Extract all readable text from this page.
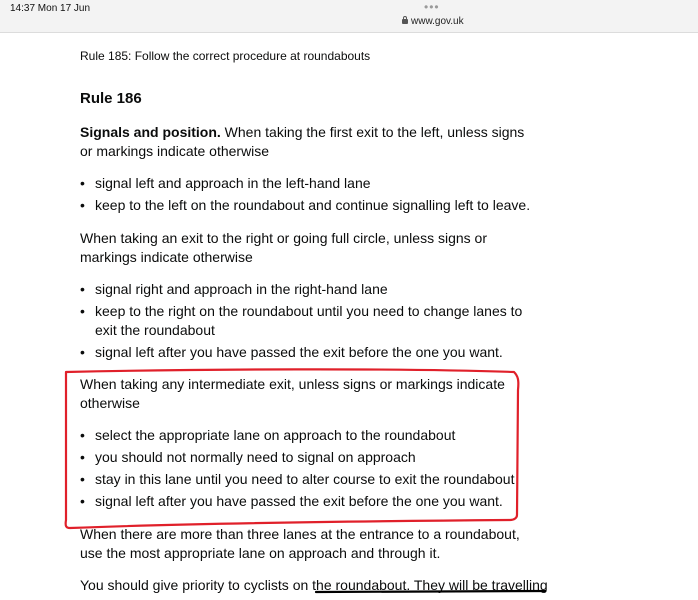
14:37 Mon 17 Jun	•••
www.gov.uk
Rule 185: Follow the correct procedure at roundabouts
Rule 186

Signals and position. When taking the first exit to the left, unless signs or markings indicate otherwise

• signal left and approach in the left-hand lane
• keep to the left on the roundabout and continue signalling left to leave.

When taking an exit to the right or going full circle, unless signs or markings indicate otherwise

• signal right and approach in the right-hand lane
• keep to the right on the roundabout until you need to change lanes to exit the roundabout
• signal left after you have passed the exit before the one you want.

When taking any intermediate exit, unless signs or markings indicate otherwise

• select the appropriate lane on approach to the roundabout
• you should not normally need to signal on approach
• stay in this lane until you need to alter course to exit the roundabout
• signal left after you have passed the exit before the one you want.

When there are more than three lanes at the entrance to a roundabout, use the most appropriate lane on approach and through it.

You should give priority to cyclists on the roundabout. They will be travelling
